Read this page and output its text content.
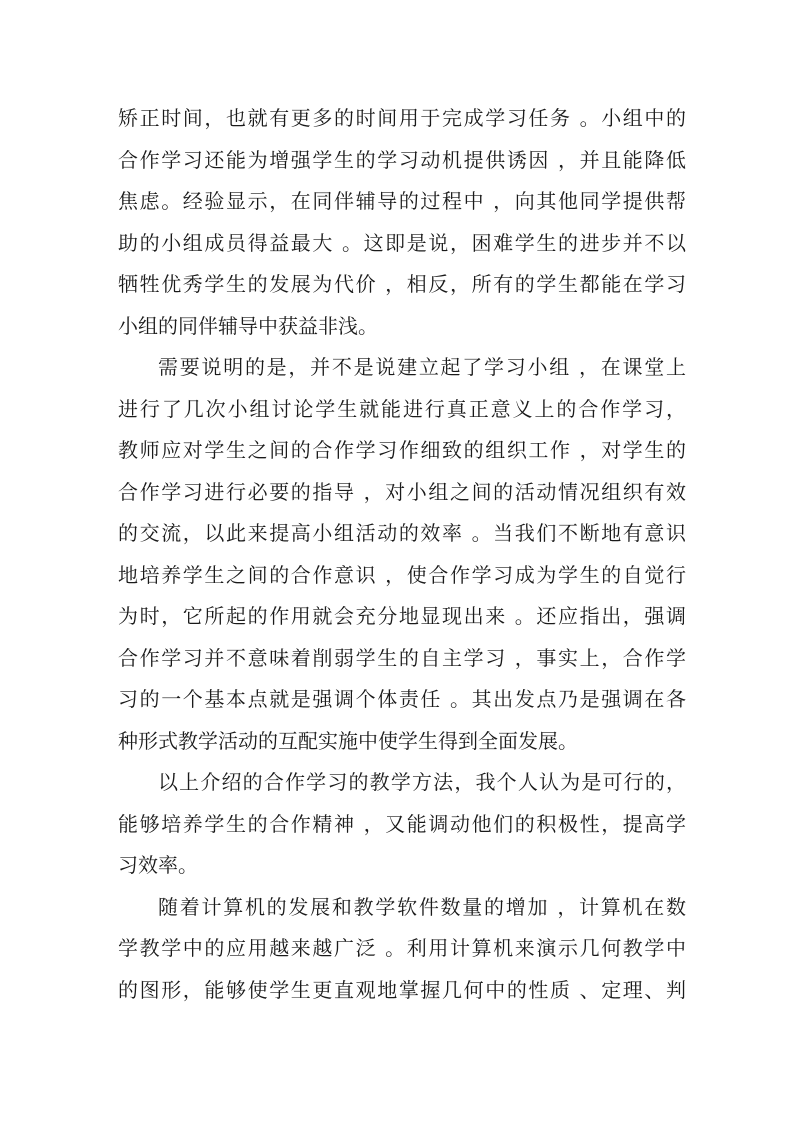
矫正时间，也就有更多的时间用于完成学习任务 。小组中的
合作学习还能为增强学生的学习动机提供诱因 ，并且能降低
焦虑。经验显示，在同伴辅导的过程中 ，向其他同学提供帮
助的小组成员得益最大 。这即是说，困难学生的进步并不以
牺牲优秀学生的发展为代价 ，相反，所有的学生都能在学习
小组的同伴辅导中获益非浅。
需要说明的是，并不是说建立起了学习小组 ，在课堂上
进行了几次小组讨论学生就能进行真正意义上的合作学习，
教师应对学生之间的合作学习作细致的组织工作 ，对学生的
合作学习进行必要的指导 ，对小组之间的活动情况组织有效
的交流，以此来提高小组活动的效率 。当我们不断地有意识
地培养学生之间的合作意识 ，使合作学习成为学生的自觉行
为时，它所起的作用就会充分地显现出来 。还应指出，强调
合作学习并不意味着削弱学生的自主学习 ，事实上，合作学
习的一个基本点就是强调个体责任 。其出发点乃是强调在各
种形式教学活动的互配实施中使学生得到全面发展。
以上介绍的合作学习的教学方法，我个人认为是可行的，
能够培养学生的合作精神 ，又能调动他们的积极性，提高学
习效率。
随着计算机的发展和教学软件数量的增加 ，计算机在数
学教学中的应用越来越广泛 。利用计算机来演示几何教学中
的图形，能够使学生更直观地掌握几何中的性质 、定理、判
